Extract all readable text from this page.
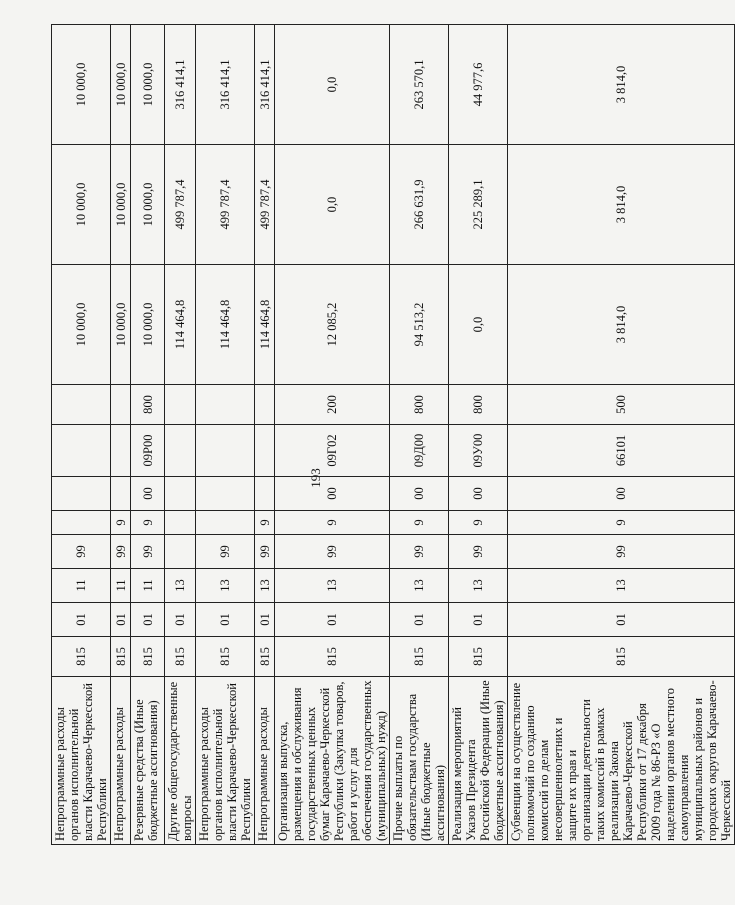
193
Непрограммные расходы органов исполнительной власти Карачаево-Черкесской Республики	815	01	11	99					10 000,0	10 000,0	10 000,0
Непрограммные расходы	815	01	11	99	9				10 000,0	10 000,0	10 000,0
Резервные средства (Иные бюджетные ассигнования)	815	01	11	99	9	00	09Р00	800	10 000,0	10 000,0	10 000,0
Другие общегосударственные вопросы	815	01	13						114 464,8	499 787,4	316 414,1
Непрограммные расходы органов исполнительной власти Карачаево-Черкесской Республики	815	01	13	99					114 464,8	499 787,4	316 414,1
Непрограммные расходы	815	01	13	99	9				114 464,8	499 787,4	316 414,1
Организация выпуска, размещения и обслуживания государственных ценных бумаг Карачаево-Черкесской Республики (Закупка товаров, работ и услуг для обеспечения государственных (муниципальных) нужд)	815	01	13	99	9	00	09Г02	200	12 085,2	0,0	0,0
Прочие выплаты по обязательствам государства (Иные бюджетные ассигнования)	815	01	13	99	9	00	09Д00	800	94 513,2	266 631,9	263 570,1
Реализация мероприятий Указов Президента Российской Федерации (Иные бюджетные ассигнования)	815	01	13	99	9	00	09У00	800	0,0	225 289,1	44 977,6
Субвенции на осуществление полномочий по созданию комиссий по делам несовершеннолетних и защите их прав и организации деятельности таких комиссий в рамках реализации Закона Карачаево-Черкесской Республики от 17 декабря 2009 года № 86-РЗ «О наделении органов местного самоуправления муниципальных районов и городских округов Карачаево-Черкесской	815	01	13	99	9	00	66101	500	3 814,0	3 814,0	3 814,0
